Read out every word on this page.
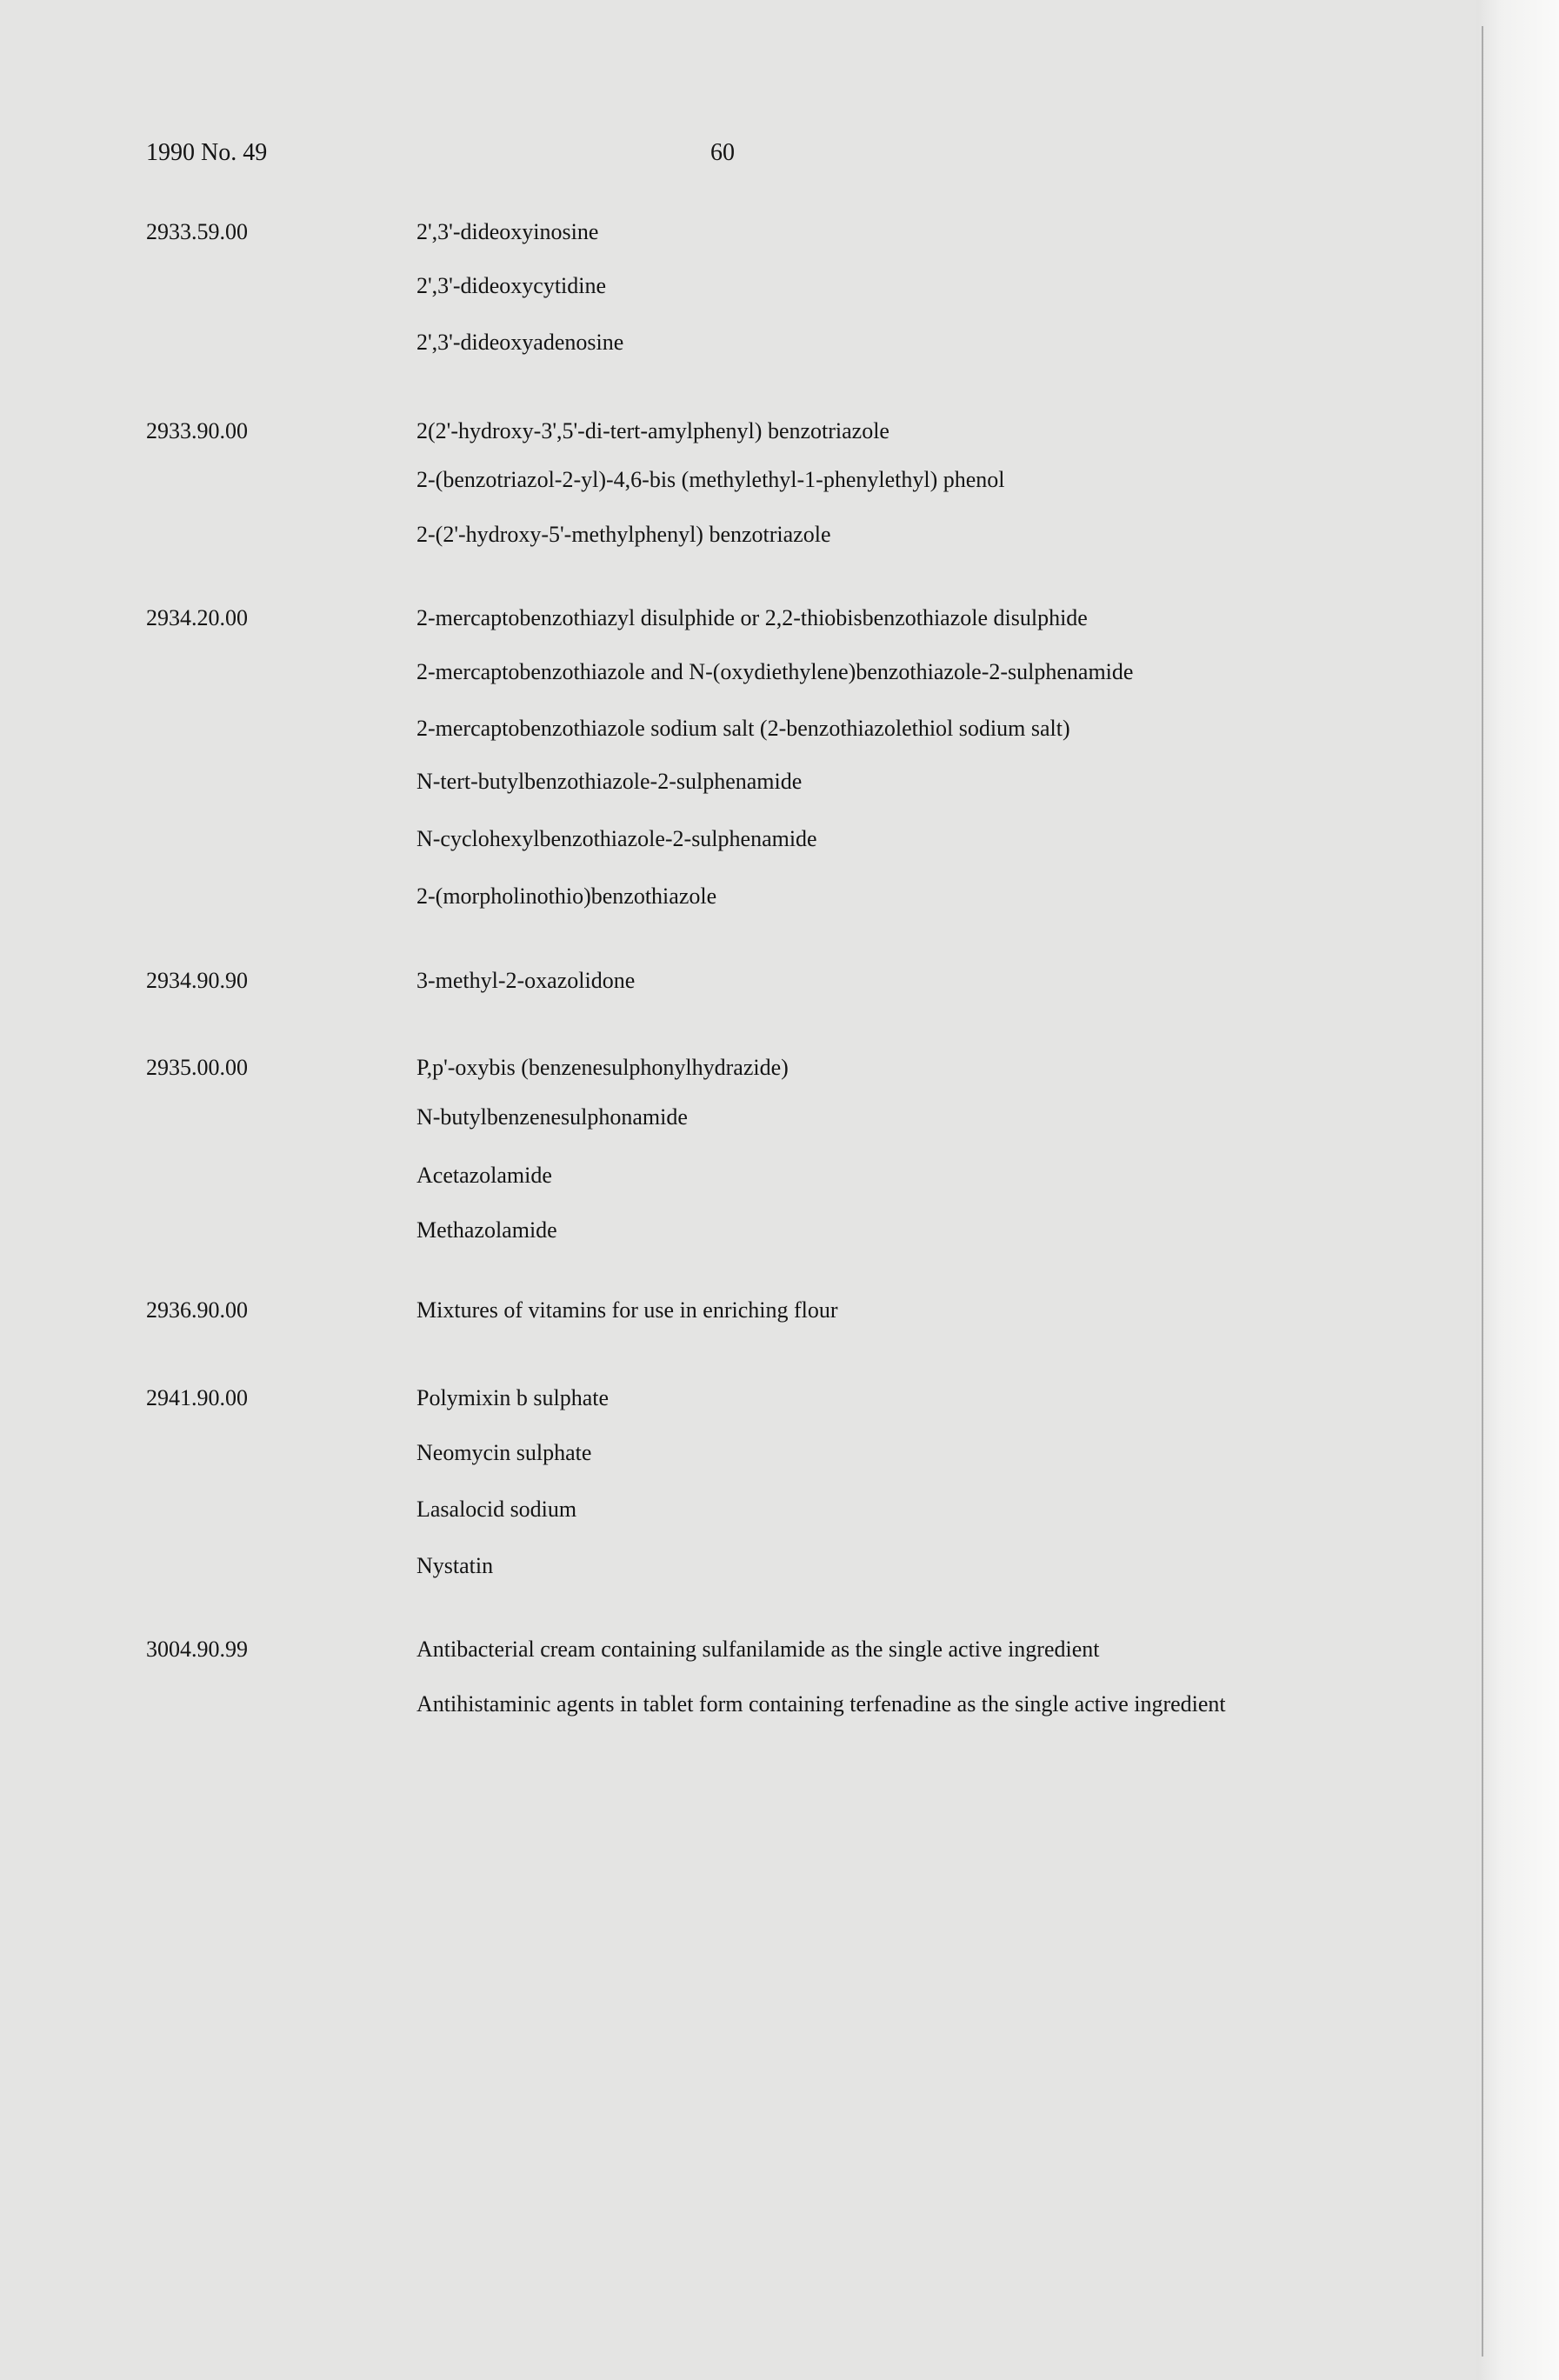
1990 No. 49	60
2933.59.00	2',3'-dideoxyinosine
2',3'-dideoxycytidine
2',3'-dideoxyadenosine
2933.90.00	2(2'-hydroxy-3',5'-di-tert-amylphenyl) benzotriazole
2-(benzotriazol-2-yl)-4,6-bis (methylethyl-1-phenylethyl) phenol
2-(2'-hydroxy-5'-methylphenyl) benzotriazole
2934.20.00	2-mercaptobenzothiazyl disulphide or 2,2-thiobisbenzothiazole disulphide
2-mercaptobenzothiazole and N-(oxydiethylene)benzothiazole-2-sulphenamide
2-mercaptobenzothiazole sodium salt (2-benzothiazolethiol sodium salt)
N-tert-butylbenzothiazole-2-sulphenamide
N-cyclohexylbenzothiazole-2-sulphenamide
2-(morpholinothio)benzothiazole
2934.90.90	3-methyl-2-oxazolidone
2935.00.00	P,p'-oxybis (benzenesulphonylhydrazide)
N-butylbenzenesulphonamide
Acetazolamide
Methazolamide
2936.90.00	Mixtures of vitamins for use in enriching flour
2941.90.00	Polymixin b sulphate
Neomycin sulphate
Lasalocid sodium
Nystatin
3004.90.99	Antibacterial cream containing sulfanilamide as the single active ingredient
Antihistaminic agents in tablet form containing terfenadine as the single active ingredient
